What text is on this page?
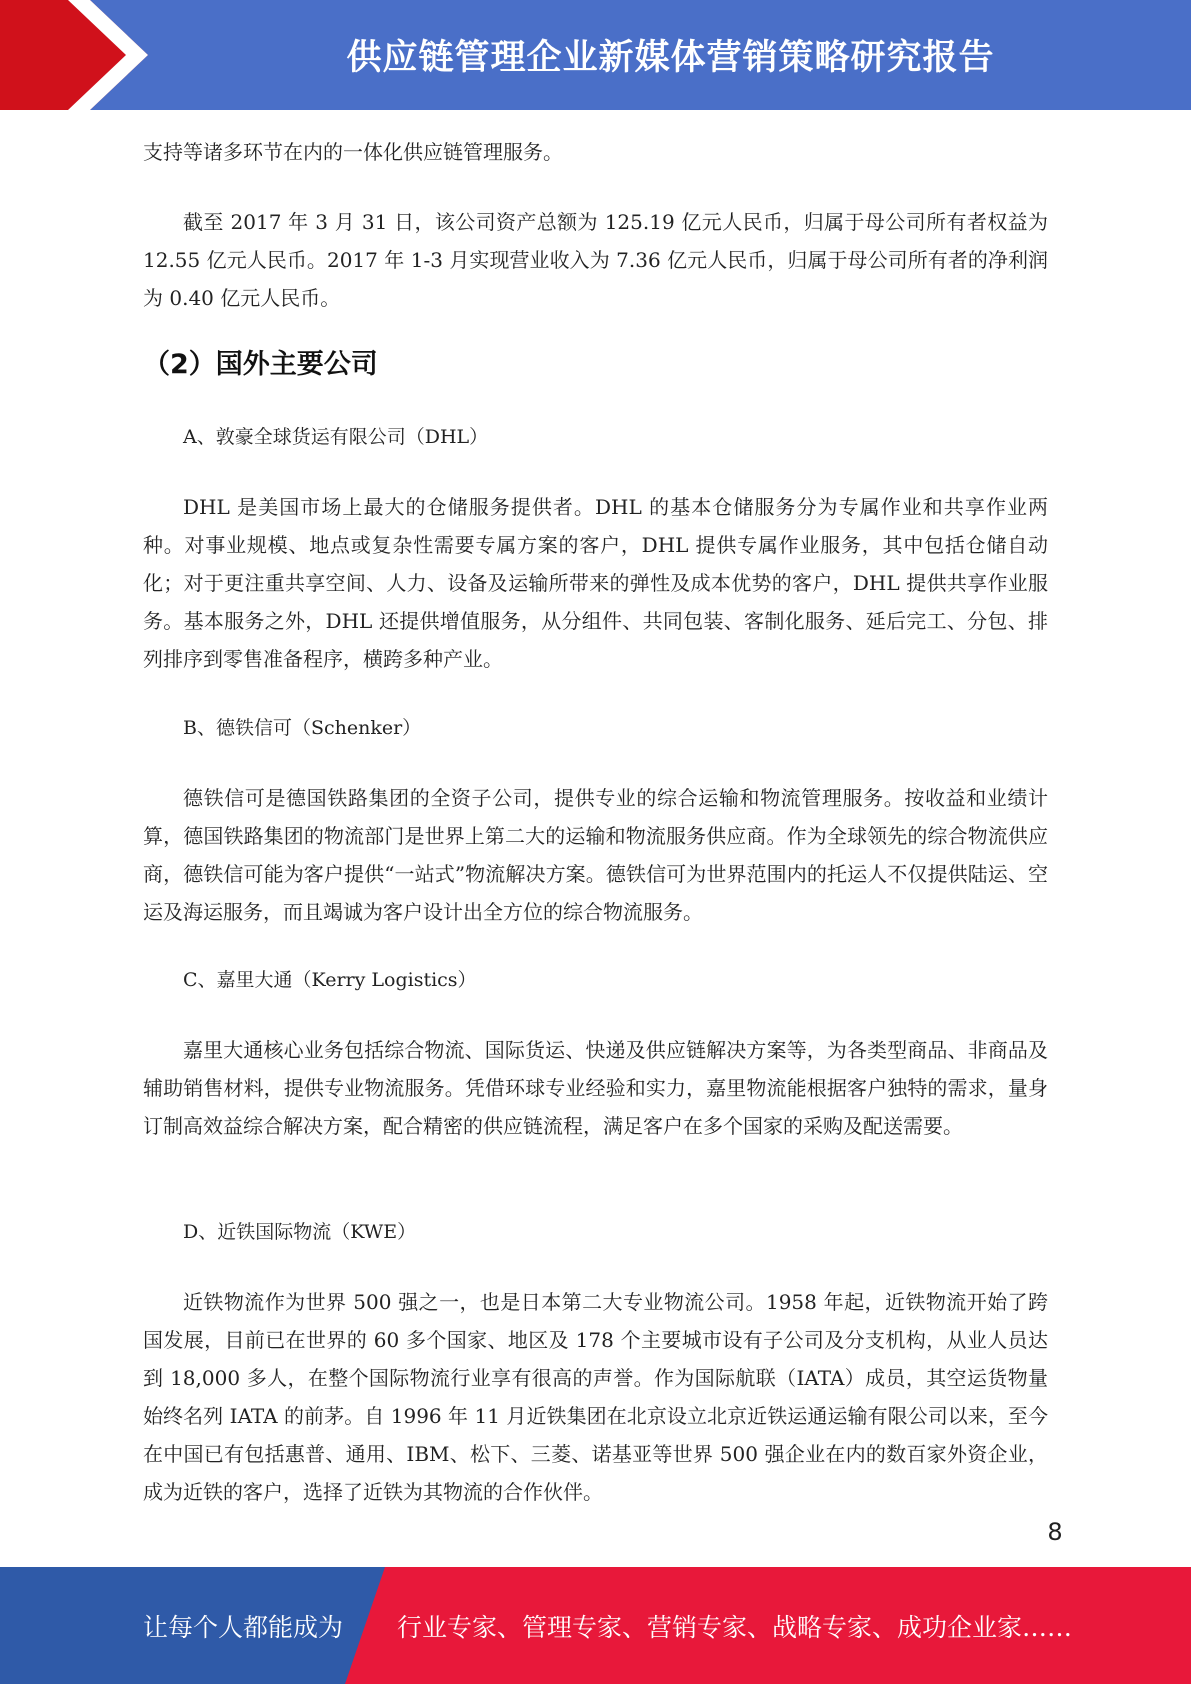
供应链管理企业新媒体营销策略研究报告

支持等诸多环节在内的一体化供应链管理服务。

截至 2017 年 3 月 31 日，该公司资产总额为 125.19 亿元人民币，归属于母公司所有者权益为 12.55 亿元人民币。2017 年 1-3 月实现营业收入为 7.36 亿元人民币，归属于母公司所有者的净利润为 0.40 亿元人民币。

（2）国外主要公司

A、敦豪全球货运有限公司（DHL）

DHL 是美国市场上最大的仓储服务提供者。DHL 的基本仓储服务分为专属作业和共享作业两种。对事业规模、地点或复杂性需要专属方案的客户，DHL 提供专属作业服务，其中包括仓储自动化；对于更注重共享空间、人力、设备及运输所带来的弹性及成本优势的客户，DHL 提供共享作业服务。基本服务之外，DHL 还提供增值服务，从分组件、共同包装、客制化服务、延后完工、分包、排列排序到零售准备程序，横跨多种产业。

B、德铁信可（Schenker）

德铁信可是德国铁路集团的全资子公司，提供专业的综合运输和物流管理服务。按收益和业绩计算，德国铁路集团的物流部门是世界上第二大的运输和物流服务供应商。作为全球领先的综合物流供应商，德铁信可能为客户提供“一站式”物流解决方案。德铁信可为世界范围内的托运人不仅提供陆运、空运及海运服务，而且竭诚为客户设计出全方位的综合物流服务。

C、嘉里大通（Kerry Logistics）

嘉里大通核心业务包括综合物流、国际货运、快递及供应链解决方案等，为各类型商品、非商品及辅助销售材料，提供专业物流服务。凭借环球专业经验和实力，嘉里物流能根据客户独特的需求，量身订制高效益综合解决方案，配合精密的供应链流程，满足客户在多个国家的采购及配送需要。

D、近铁国际物流（KWE）

近铁物流作为世界 500 强之一，也是日本第二大专业物流公司。1958 年起，近铁物流开始了跨国发展，目前已在世界的 60 多个国家、地区及 178 个主要城市设有子公司及分支机构，从业人员达到 18,000 多人，在整个国际物流行业享有很高的声誉。作为国际航联（IATA）成员，其空运货物量始终名列 IATA 的前茅。自 1996 年 11 月近铁集团在北京设立北京近铁运通运输有限公司以来，至今在中国已有包括惠普、通用、IBM、松下、三菱、诺基亚等世界 500 强企业在内的数百家外资企业，成为近铁的客户，选择了近铁为其物流的合作伙伴。

8
让每个人都能成为 行业专家、管理专家、营销专家、战略专家、成功企业家……
